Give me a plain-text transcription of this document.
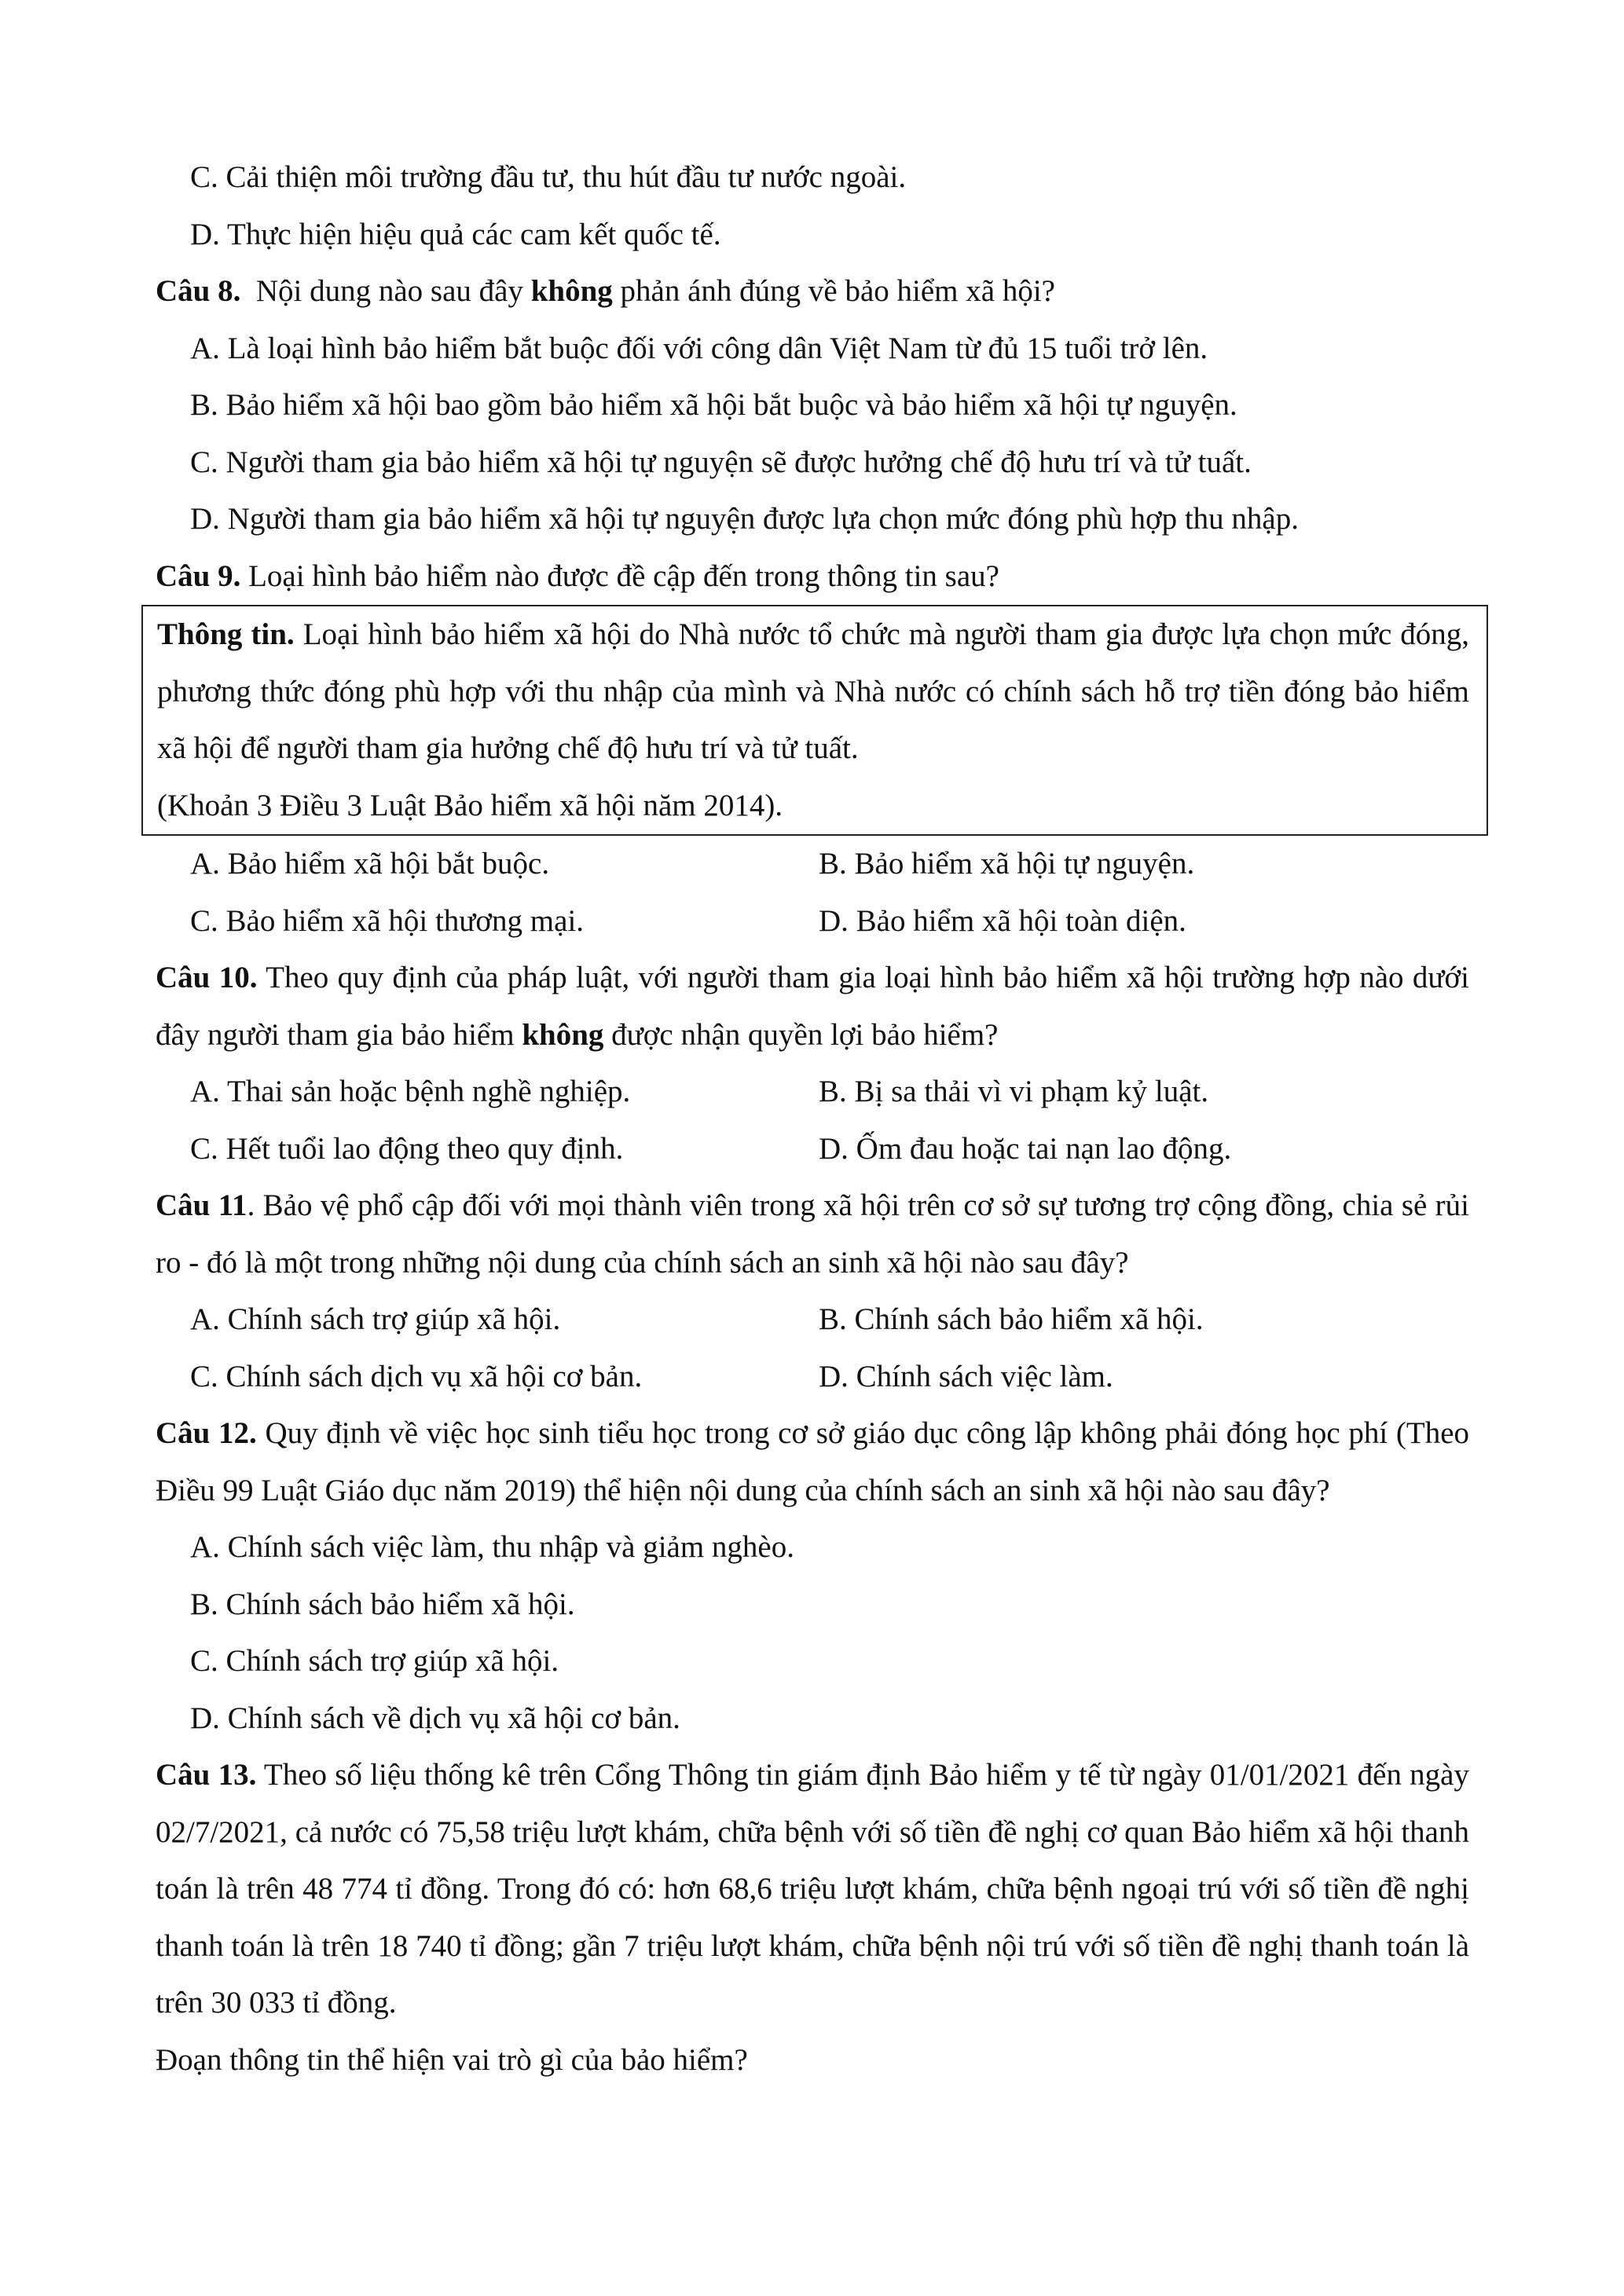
C. Cải thiện môi trường đầu tư, thu hút đầu tư nước ngoài.
D. Thực hiện hiệu quả các cam kết quốc tế.
Câu 8. Nội dung nào sau đây không phản ánh đúng về bảo hiểm xã hội?
A. Là loại hình bảo hiểm bắt buộc đối với công dân Việt Nam từ đủ 15 tuổi trở lên.
B. Bảo hiểm xã hội bao gồm bảo hiểm xã hội bắt buộc và bảo hiểm xã hội tự nguyện.
C. Người tham gia bảo hiểm xã hội tự nguyện sẽ được hưởng chế độ hưu trí và tử tuất.
D. Người tham gia bảo hiểm xã hội tự nguyện được lựa chọn mức đóng phù hợp thu nhập.
Câu 9. Loại hình bảo hiểm nào được đề cập đến trong thông tin sau?
Thông tin. Loại hình bảo hiểm xã hội do Nhà nước tổ chức mà người tham gia được lựa chọn mức đóng, phương thức đóng phù hợp với thu nhập của mình và Nhà nước có chính sách hỗ trợ tiền đóng bảo hiểm xã hội để người tham gia hưởng chế độ hưu trí và tử tuất.
(Khoản 3 Điều 3 Luật Bảo hiểm xã hội năm 2014).
A. Bảo hiểm xã hội bắt buộc.	B. Bảo hiểm xã hội tự nguyện.
C. Bảo hiểm xã hội thương mại.	D. Bảo hiểm xã hội toàn diện.
Câu 10. Theo quy định của pháp luật, với người tham gia loại hình bảo hiểm xã hội trường hợp nào dưới đây người tham gia bảo hiểm không được nhận quyền lợi bảo hiểm?
A. Thai sản hoặc bệnh nghề nghiệp.	B. Bị sa thải vì vi phạm kỷ luật.
C. Hết tuổi lao động theo quy định.	D. Ốm đau hoặc tai nạn lao động.
Câu 11. Bảo vệ phổ cập đối với mọi thành viên trong xã hội trên cơ sở sự tương trợ cộng đồng, chia sẻ rủi ro - đó là một trong những nội dung của chính sách an sinh xã hội nào sau đây?
A. Chính sách trợ giúp xã hội.	B. Chính sách bảo hiểm xã hội.
C. Chính sách dịch vụ xã hội cơ bản.	D. Chính sách việc làm.
Câu 12. Quy định về việc học sinh tiểu học trong cơ sở giáo dục công lập không phải đóng học phí (Theo Điều 99 Luật Giáo dục năm 2019) thể hiện nội dung của chính sách an sinh xã hội nào sau đây?
A. Chính sách việc làm, thu nhập và giảm nghèo.
B. Chính sách bảo hiểm xã hội.
C. Chính sách trợ giúp xã hội.
D. Chính sách về dịch vụ xã hội cơ bản.
Câu 13. Theo số liệu thống kê trên Cổng Thông tin giám định Bảo hiểm y tế từ ngày 01/01/2021 đến ngày 02/7/2021, cả nước có 75,58 triệu lượt khám, chữa bệnh với số tiền đề nghị cơ quan Bảo hiểm xã hội thanh toán là trên 48 774 tỉ đồng. Trong đó có: hơn 68,6 triệu lượt khám, chữa bệnh ngoại trú với số tiền đề nghị thanh toán là trên 18 740 tỉ đồng; gần 7 triệu lượt khám, chữa bệnh nội trú với số tiền đề nghị thanh toán là trên 30 033 tỉ đồng.
Đoạn thông tin thể hiện vai trò gì của bảo hiểm?
